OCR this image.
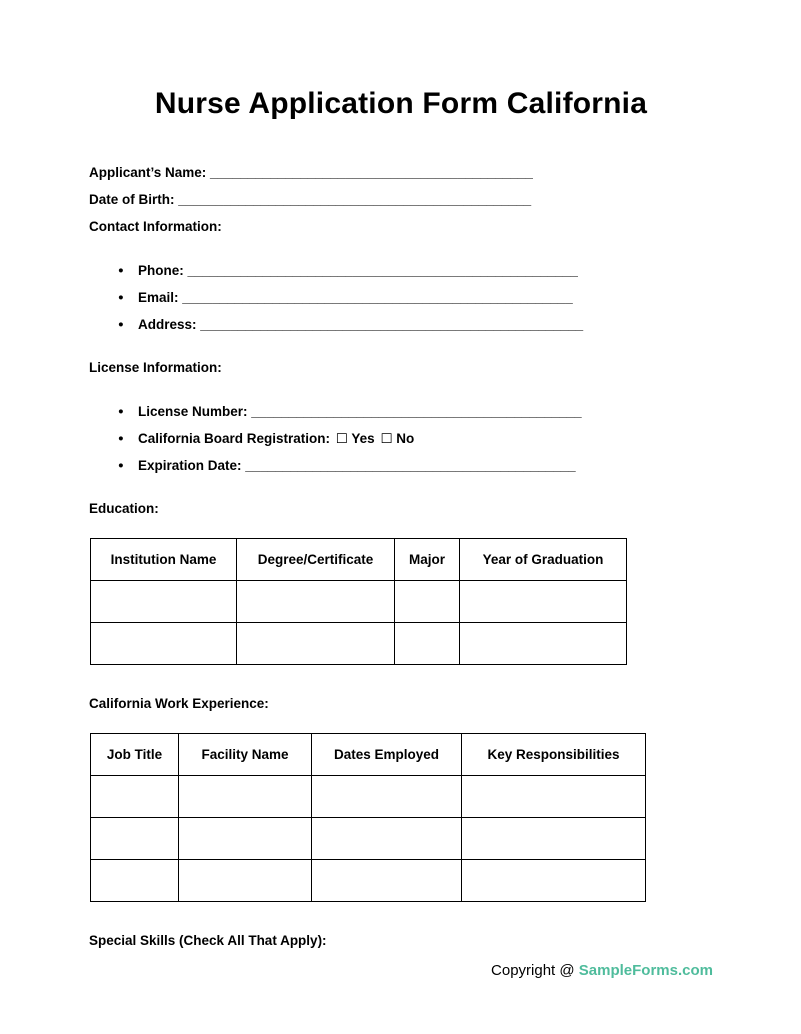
Nurse Application Form California

Applicant’s Name: ___________________________________________

Date of Birth: _______________________________________________

Contact Information:

● Phone: ____________________________________________________
● Email: ____________________________________________________
● Address: ___________________________________________________

License Information:

● License Number: ____________________________________________
● California Board Registration: ☐ Yes ☐ No
● Expiration Date: ____________________________________________

Education:

Institution Name	Degree/Certificate	Major	Year of Graduation

California Work Experience:

Job Title	Facility Name	Dates Employed	Key Responsibilities

Special Skills (Check All That Apply):

Copyright @ SampleForms.com
